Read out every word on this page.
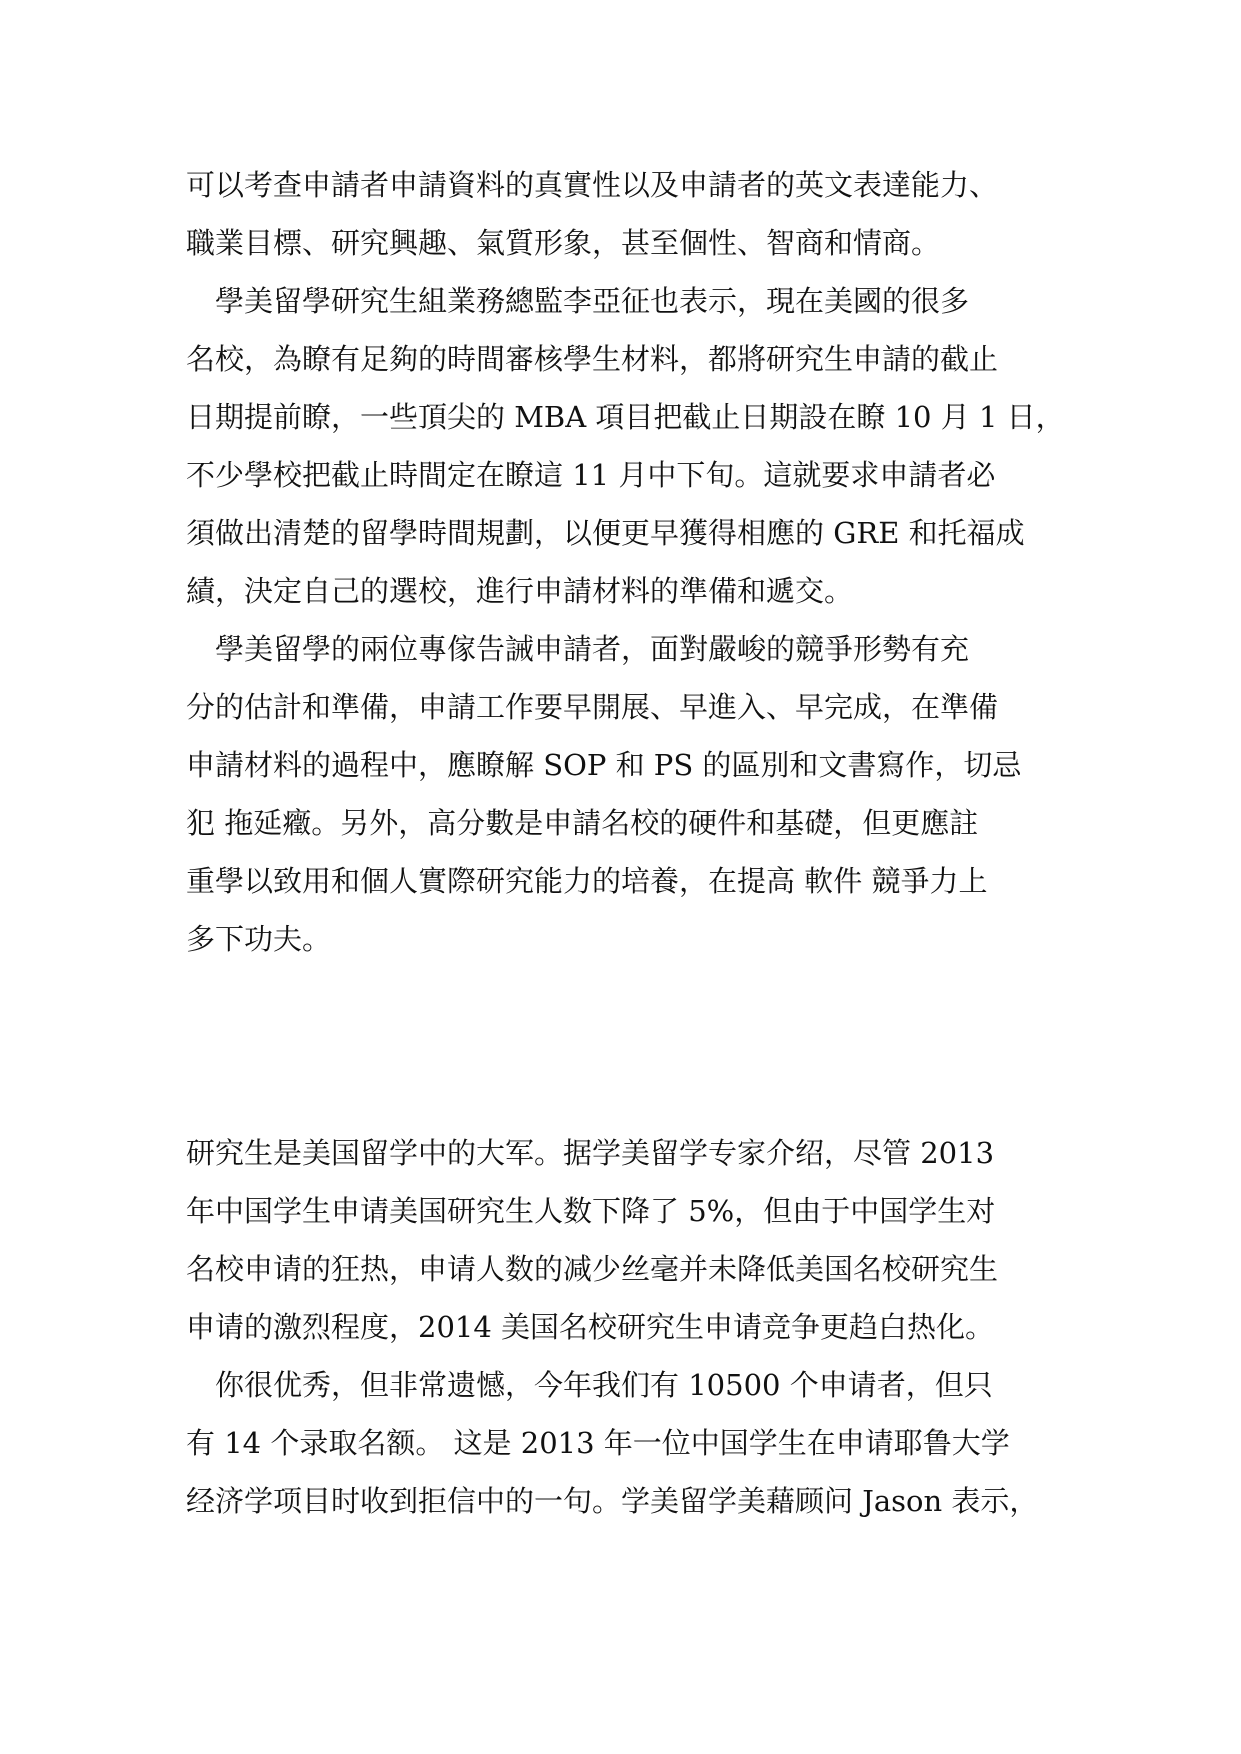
可以考查申請者申請資料的真實性以及申請者的英文表達能力、
職業目標、研究興趣、氣質形象，甚至個性、智商和情商。
　學美留學研究生組業務總監李亞征也表示，現在美國的很多
名校，為瞭有足夠的時間審核學生材料，都將研究生申請的截止
日期提前瞭，一些頂尖的 MBA 項目把截止日期設在瞭 10 月 1 日，
不少學校把截止時間定在瞭這 11 月中下旬。這就要求申請者必
須做出清楚的留學時間規劃，以便更早獲得相應的 GRE 和托福成
績，決定自己的選校，進行申請材料的準備和遞交。
　學美留學的兩位專傢告誡申請者，面對嚴峻的競爭形勢有充
分的估計和準備，申請工作要早開展、早進入、早完成，在準備
申請材料的過程中，應瞭解 SOP 和 PS 的區別和文書寫作，切忌
犯 拖延癥。另外，高分數是申請名校的硬件和基礎，但更應註
重學以致用和個人實際研究能力的培養，在提高 軟件 競爭力上
多下功夫。
研究生是美国留学中的大军。据学美留学专家介绍，尽管 2013
年中国学生申请美国研究生人数下降了 5%，但由于中国学生对
名校申请的狂热，申请人数的减少丝毫并未降低美国名校研究生
申请的激烈程度，2014 美国名校研究生申请竞争更趋白热化。
　你很优秀，但非常遗憾，今年我们有 10500 个申请者，但只
有 14 个录取名额。 这是 2013 年一位中国学生在申请耶鲁大学
经济学项目时收到拒信中的一句。学美留学美藉顾问 Jason 表示，
